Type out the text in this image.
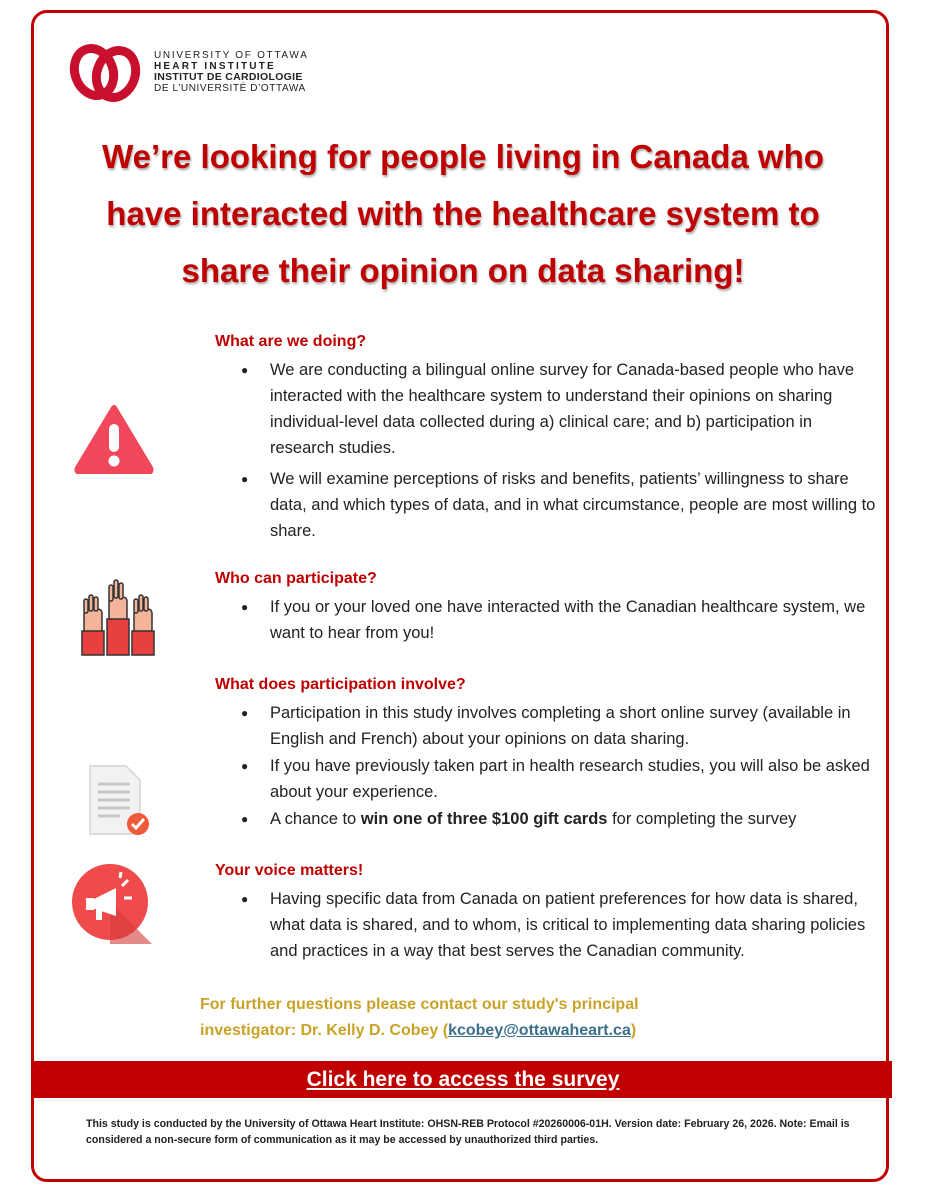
UNIVERSITY OF OTTAWA
HEART INSTITUTE
INSTITUT DE CARDIOLOGIE
DE L’UNIVERSITÉ D’OTTAWA
We’re looking for people living in Canada who
have interacted with the healthcare system to
share their opinion on data sharing!
What are we doing?
● We are conducting a bilingual online survey for Canada-based people who have interacted with the healthcare system to understand their opinions on sharing individual-level data collected during a) clinical care; and b) participation in research studies.
● We will examine perceptions of risks and benefits, patients’ willingness to share data, and which types of data, and in what circumstance, people are most willing to share.
Who can participate?
● If you or your loved one have interacted with the Canadian healthcare system, we want to hear from you!
What does participation involve?
● Participation in this study involves completing a short online survey (available in English and French) about your opinions on data sharing.
● If you have previously taken part in health research studies, you will also be asked about your experience.
● A chance to win one of three $100 gift cards for completing the survey
Your voice matters!
● Having specific data from Canada on patient preferences for how data is shared, what data is shared, and to whom, is critical to implementing data sharing policies and practices in a way that best serves the Canadian community.
For further questions please contact our study's principal
investigator: Dr. Kelly D. Cobey (kcobey@ottawaheart.ca)
Click here to access the survey
This study is conducted by the University of Ottawa Heart Institute: OHSN-REB Protocol #20260006-01H. Version date: February 26, 2026. Note: Email is considered a non-secure form of communication as it may be accessed by unauthorized third parties.
